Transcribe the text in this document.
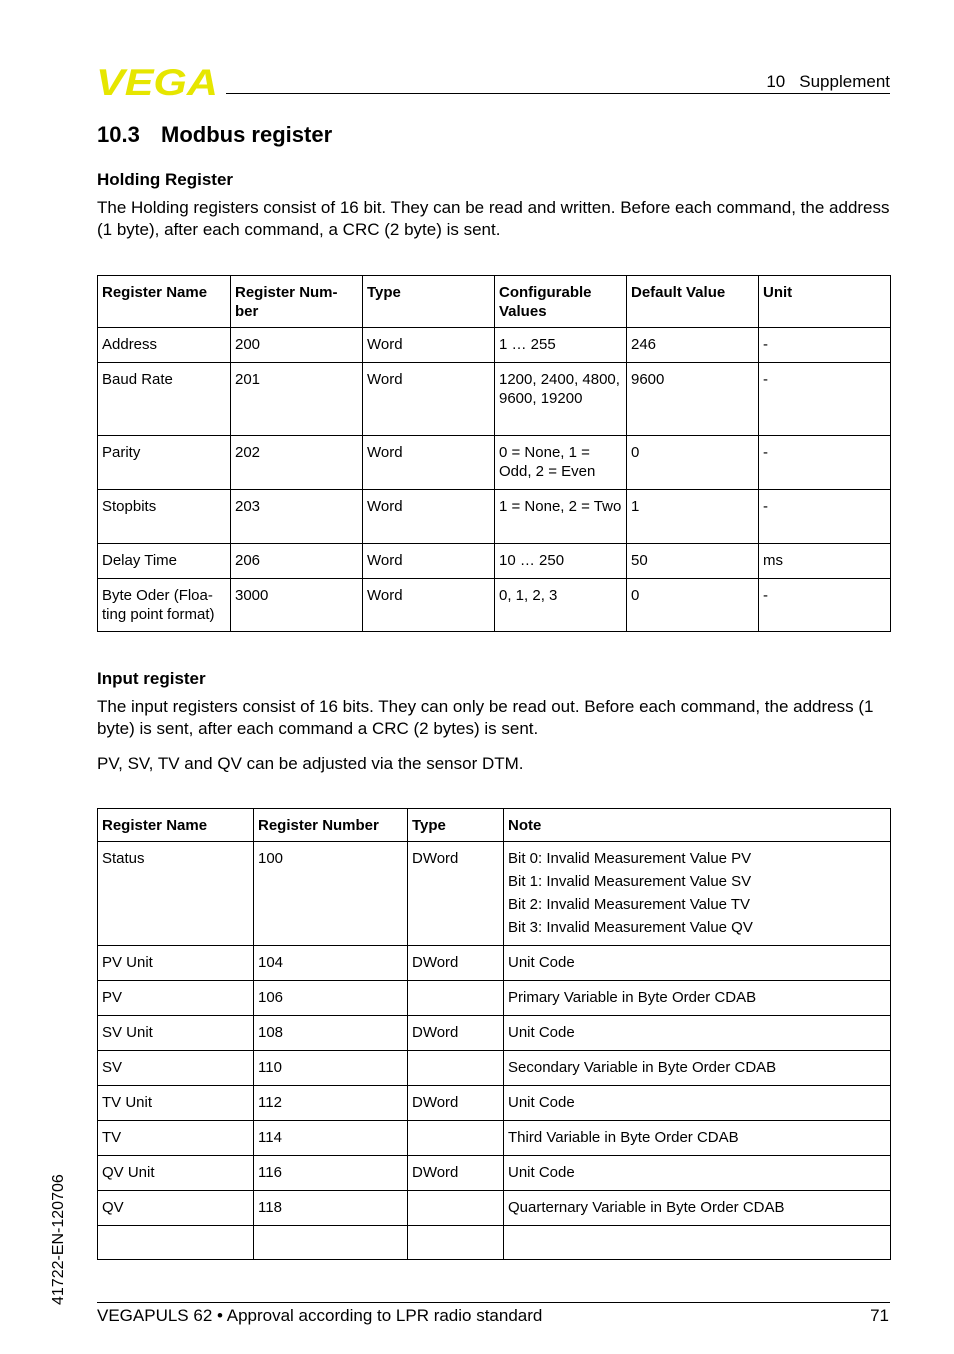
VEGA	10 Supplement
10.3 Modbus register
Holding Register

The Holding registers consist of 16 bit. They can be read and written. Before each command, the address (1 byte), after each command, a CRC (2 byte) is sent.

Register Name	Register Num-ber	Type	Configurable Values	Default Value	Unit
Address	200	Word	1 … 255	246	-
Baud Rate	201	Word	1200, 2400, 4800, 9600, 19200	9600	-
Parity	202	Word	0 = None, 1 = Odd, 2 = Even	0	-
Stopbits	203	Word	1 = None, 2 = Two	1	-
Delay Time	206	Word	10 … 250	50	ms
Byte Oder (Floa-ting point format)	3000	Word	0, 1, 2, 3	0	-
Input register

The input registers consist of 16 bits. They can only be read out. Before each command, the address (1 byte) is sent, after each command a CRC (2 bytes) is sent.

PV, SV, TV and QV can be adjusted via the sensor DTM.

Register Name	Register Number	Type	Note
Status	100	DWord	Bit 0: Invalid Measurement Value PV
Bit 1: Invalid Measurement Value SV
Bit 2: Invalid Measurement Value TV
Bit 3: Invalid Measurement Value QV

PV Unit	104	DWord	Unit Code
PV	106		Primary Variable in Byte Order CDAB
SV Unit	108	DWord	Unit Code
SV	110		Secondary Variable in Byte Order CDAB
TV Unit	112	DWord	Unit Code
TV	114		Third Variable in Byte Order CDAB
QV Unit	116	DWord	Unit Code
QV	118		Quarternary Variable in Byte Order CDAB

41722-EN-120706
VEGAPULS 62 • Approval according to LPR radio standard	71
